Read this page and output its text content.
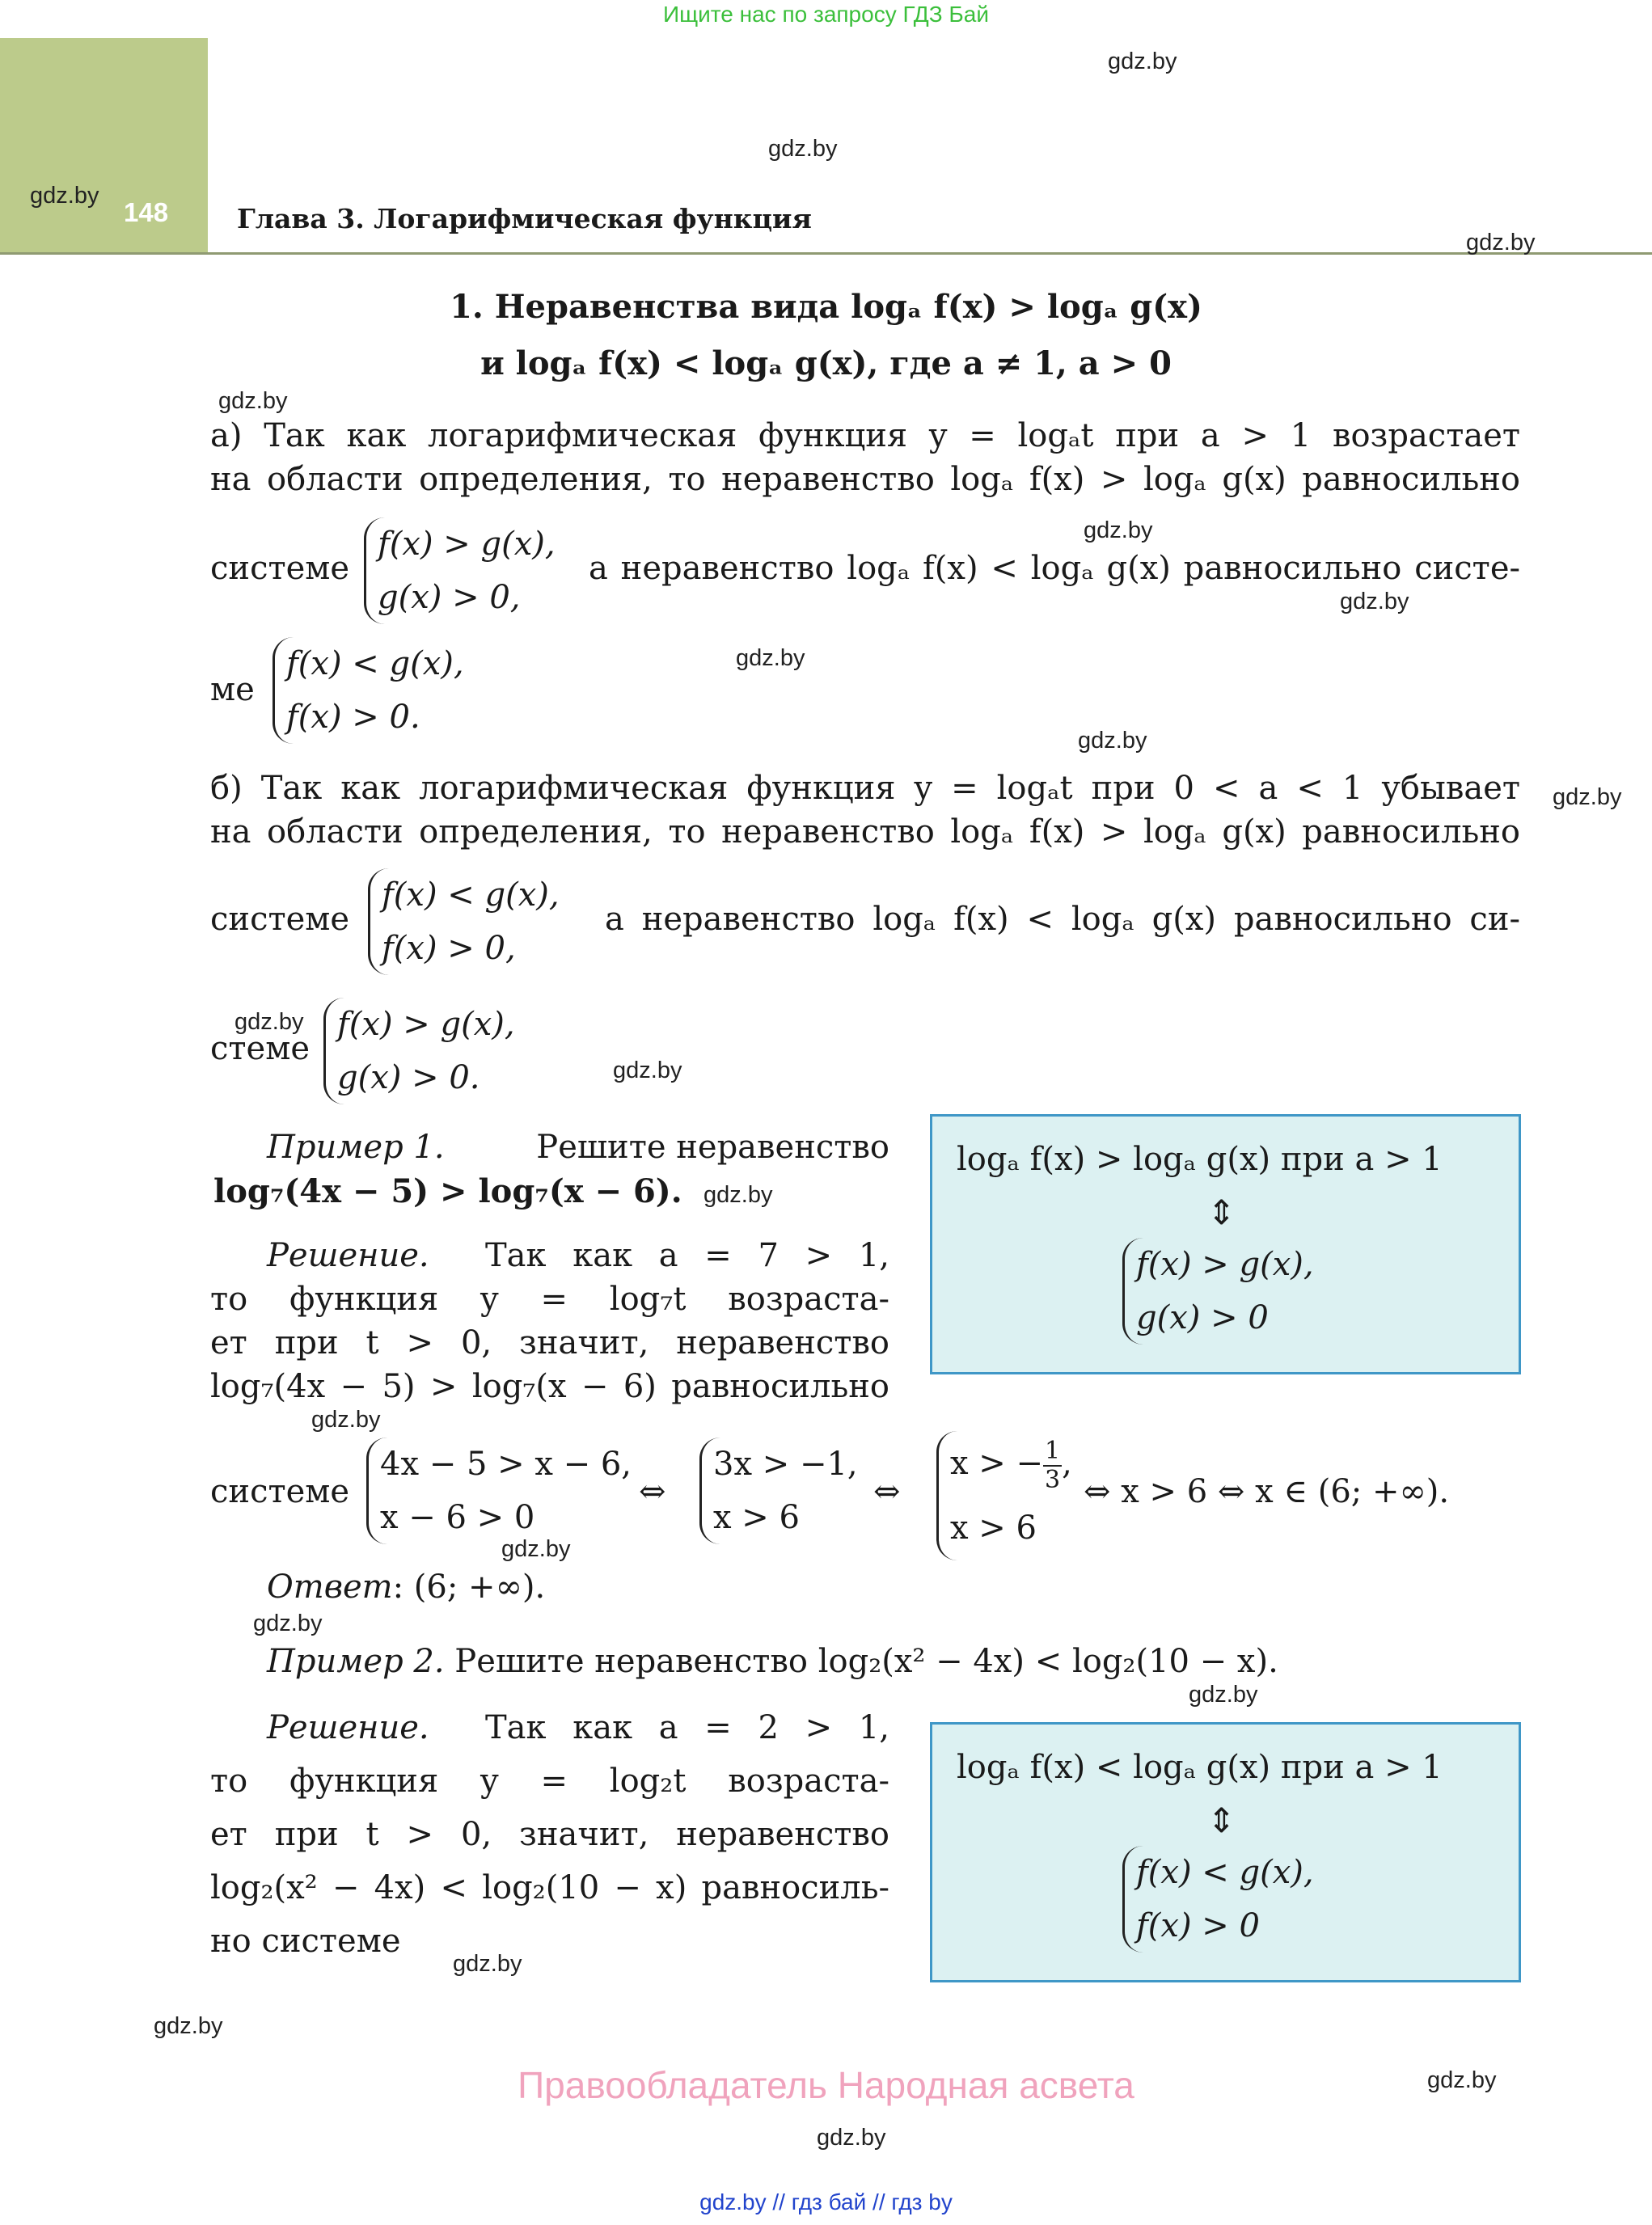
Ищите нас по запросу ГДЗ Бай
148	Глава 3. Логарифмическая функция
gdz.by
gdz.by
gdz.by
gdz.by
gdz.by
gdz.by
gdz.by
gdz.by
gdz.by
gdz.by
gdz.by
gdz.by
gdz.by
gdz.by
gdz.by
gdz.by
gdz.by
gdz.by
gdz.by
gdz.by
gdz.by
1. Неравенства вида logₐ f(x) > logₐ g(x)
и logₐ f(x) < logₐ g(x), где a ≠ 1, a > 0
а) Так как логарифмическая функция y = logₐt при a > 1 возрастает
на области определения, то неравенство logₐ f(x) > logₐ g(x) равносильно
системе
f(x) > g(x),
g(x) > 0,
а неравенство logₐ f(x) < logₐ g(x) равносильно систе-
ме
f(x) < g(x),
f(x) > 0.
б) Так как логарифмическая функция y = logₐt при 0 < a < 1 убывает
на области определения, то неравенство logₐ f(x) > logₐ g(x) равносильно
системе
f(x) < g(x),
f(x) > 0,
а неравенство logₐ f(x) < logₐ g(x) равносильно си-
стеме
f(x) > g(x),
g(x) > 0.
Пример 1.	Решите неравенство
log₇(4x − 5) > log₇(x − 6).
Решение. Так как a = 7 > 1,
то функция y = log₇t возраста-
ет при t > 0, значит, неравенство
log₇(4x − 5) > log₇(x − 6) равносильно
системе
4x − 5 > x − 6,
x − 6 > 0
⇔
3x > −1,
x > 6
⇔
x > − $\frac{1}{3}$ ,
x > 6
⇔ x > 6 ⇔ x ∈ (6; +∞).
Ответ: (6; +∞).
logₐ f(x) > logₐ g(x) при a > 1
⇕
f(x) > g(x),
g(x) > 0
Пример 2. Решите неравенство log₂(x² − 4x) < log₂(10 − x).
Решение. Так как a = 2 > 1,
то функция y = log₂t возраста-
ет при t > 0, значит, неравенство
log₂(x² − 4x) < log₂(10 − x) равносиль-
но системе
logₐ f(x) < logₐ g(x) при a > 1
⇕
f(x) < g(x),
f(x) > 0
Правообладатель Народная асвета
gdz.by // гдз бай // гдз by
